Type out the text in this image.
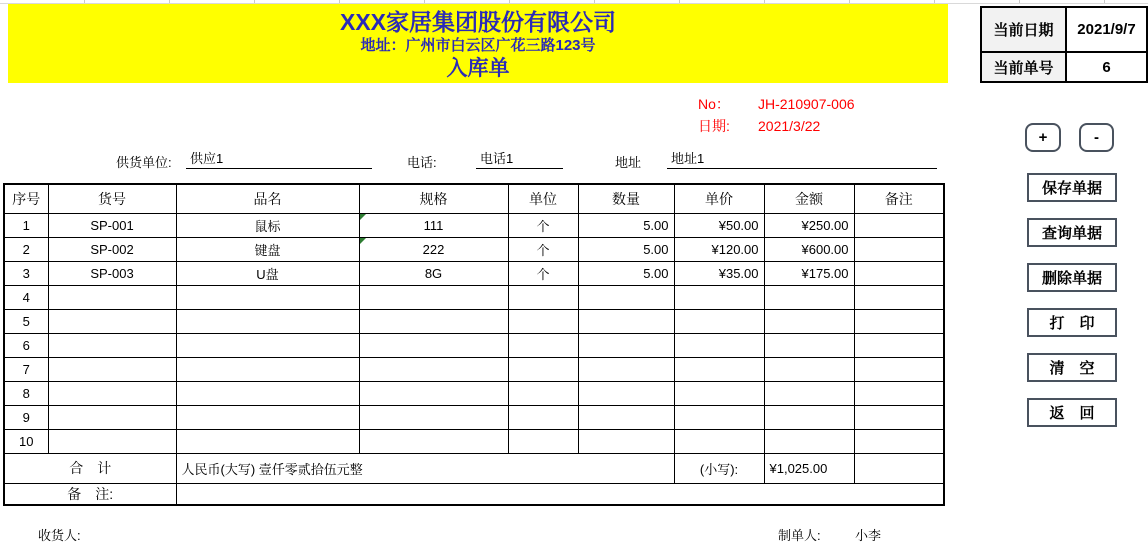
XXX家居集团股份有限公司
地址：广州市白云区广花三路123号
入库单
当前日期	2021/9/7
当前单号	6
No：	JH-210907-006
日期:	2021/3/22
供货单位:	供应1	电话:	电话1	地址	地址1
+	-
保存单据
查询单据
删除单据
打　印
清　空
返　回
序号	货号	品名	规格	单位	数量	单价	金额	备注
1	SP-001	鼠标	111	个	5.00	¥50.00	¥250.00	
2	SP-002	键盘	222	个	5.00	¥120.00	¥600.00	
3	SP-003	U盘	8G	个	5.00	¥35.00	¥175.00	
4								
5								
6								
7								
8								
9								
10								
合　计		人民币(大写) 壹仟零贰拾伍元整				(小写):	¥1,025.00	
备　注:								
收货人:	制单人:	小李
